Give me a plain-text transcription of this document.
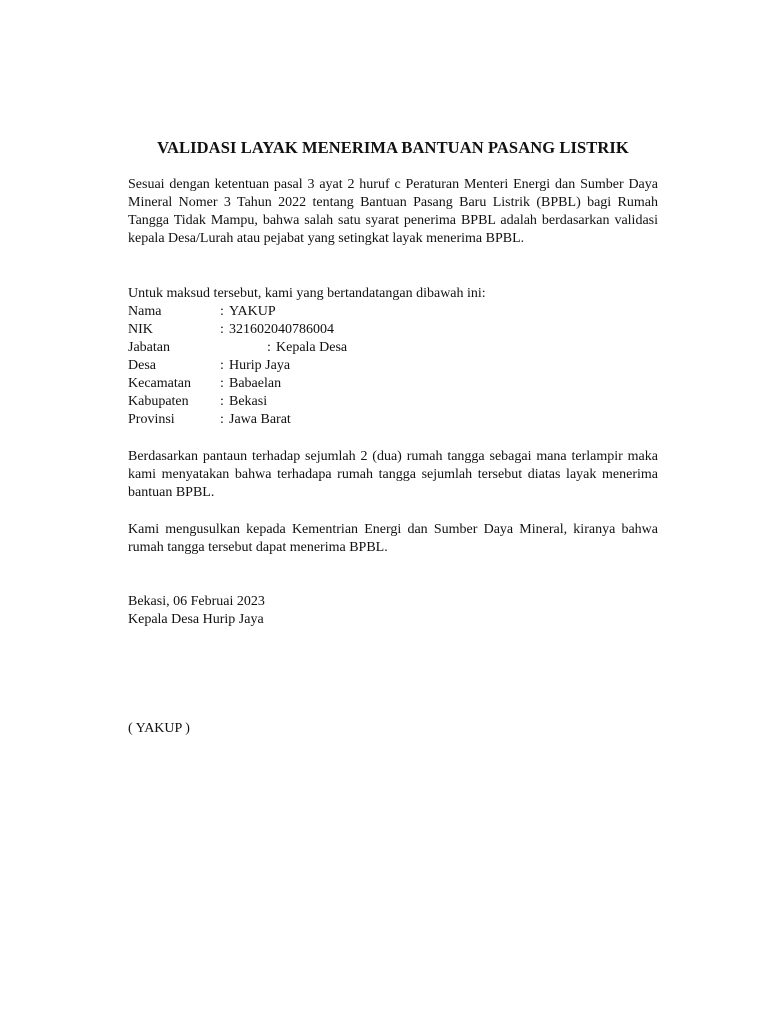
VALIDASI LAYAK MENERIMA BANTUAN PASANG LISTRIK
Sesuai dengan ketentuan pasal 3 ayat 2 huruf c Peraturan Menteri Energi dan Sumber Daya Mineral Nomer 3 Tahun 2022 tentang Bantuan Pasang Baru Listrik (BPBL) bagi Rumah Tangga Tidak Mampu, bahwa salah satu syarat penerima BPBL adalah berdasarkan validasi kepala Desa/Lurah atau pejabat yang setingkat layak menerima BPBL.
Untuk maksud tersebut, kami yang bertandatangan dibawah ini:
Nama	: YAKUP
NIK	: 321602040786004
Jabatan	: Kepala Desa
Desa	: Hurip Jaya
Kecamatan : Babaelan
Kabupaten : Bekasi
Provinsi	: Jawa Barat
Berdasarkan pantaun terhadap sejumlah 2 (dua) rumah tangga sebagai mana terlampir maka kami menyatakan bahwa terhadapa rumah tangga sejumlah tersebut diatas layak menerima bantuan BPBL.
Kami mengusulkan kepada Kementrian Energi dan Sumber Daya Mineral, kiranya bahwa rumah tangga tersebut dapat menerima BPBL.
Bekasi, 06 Februai 2023
Kepala Desa Hurip Jaya
( YAKUP )
